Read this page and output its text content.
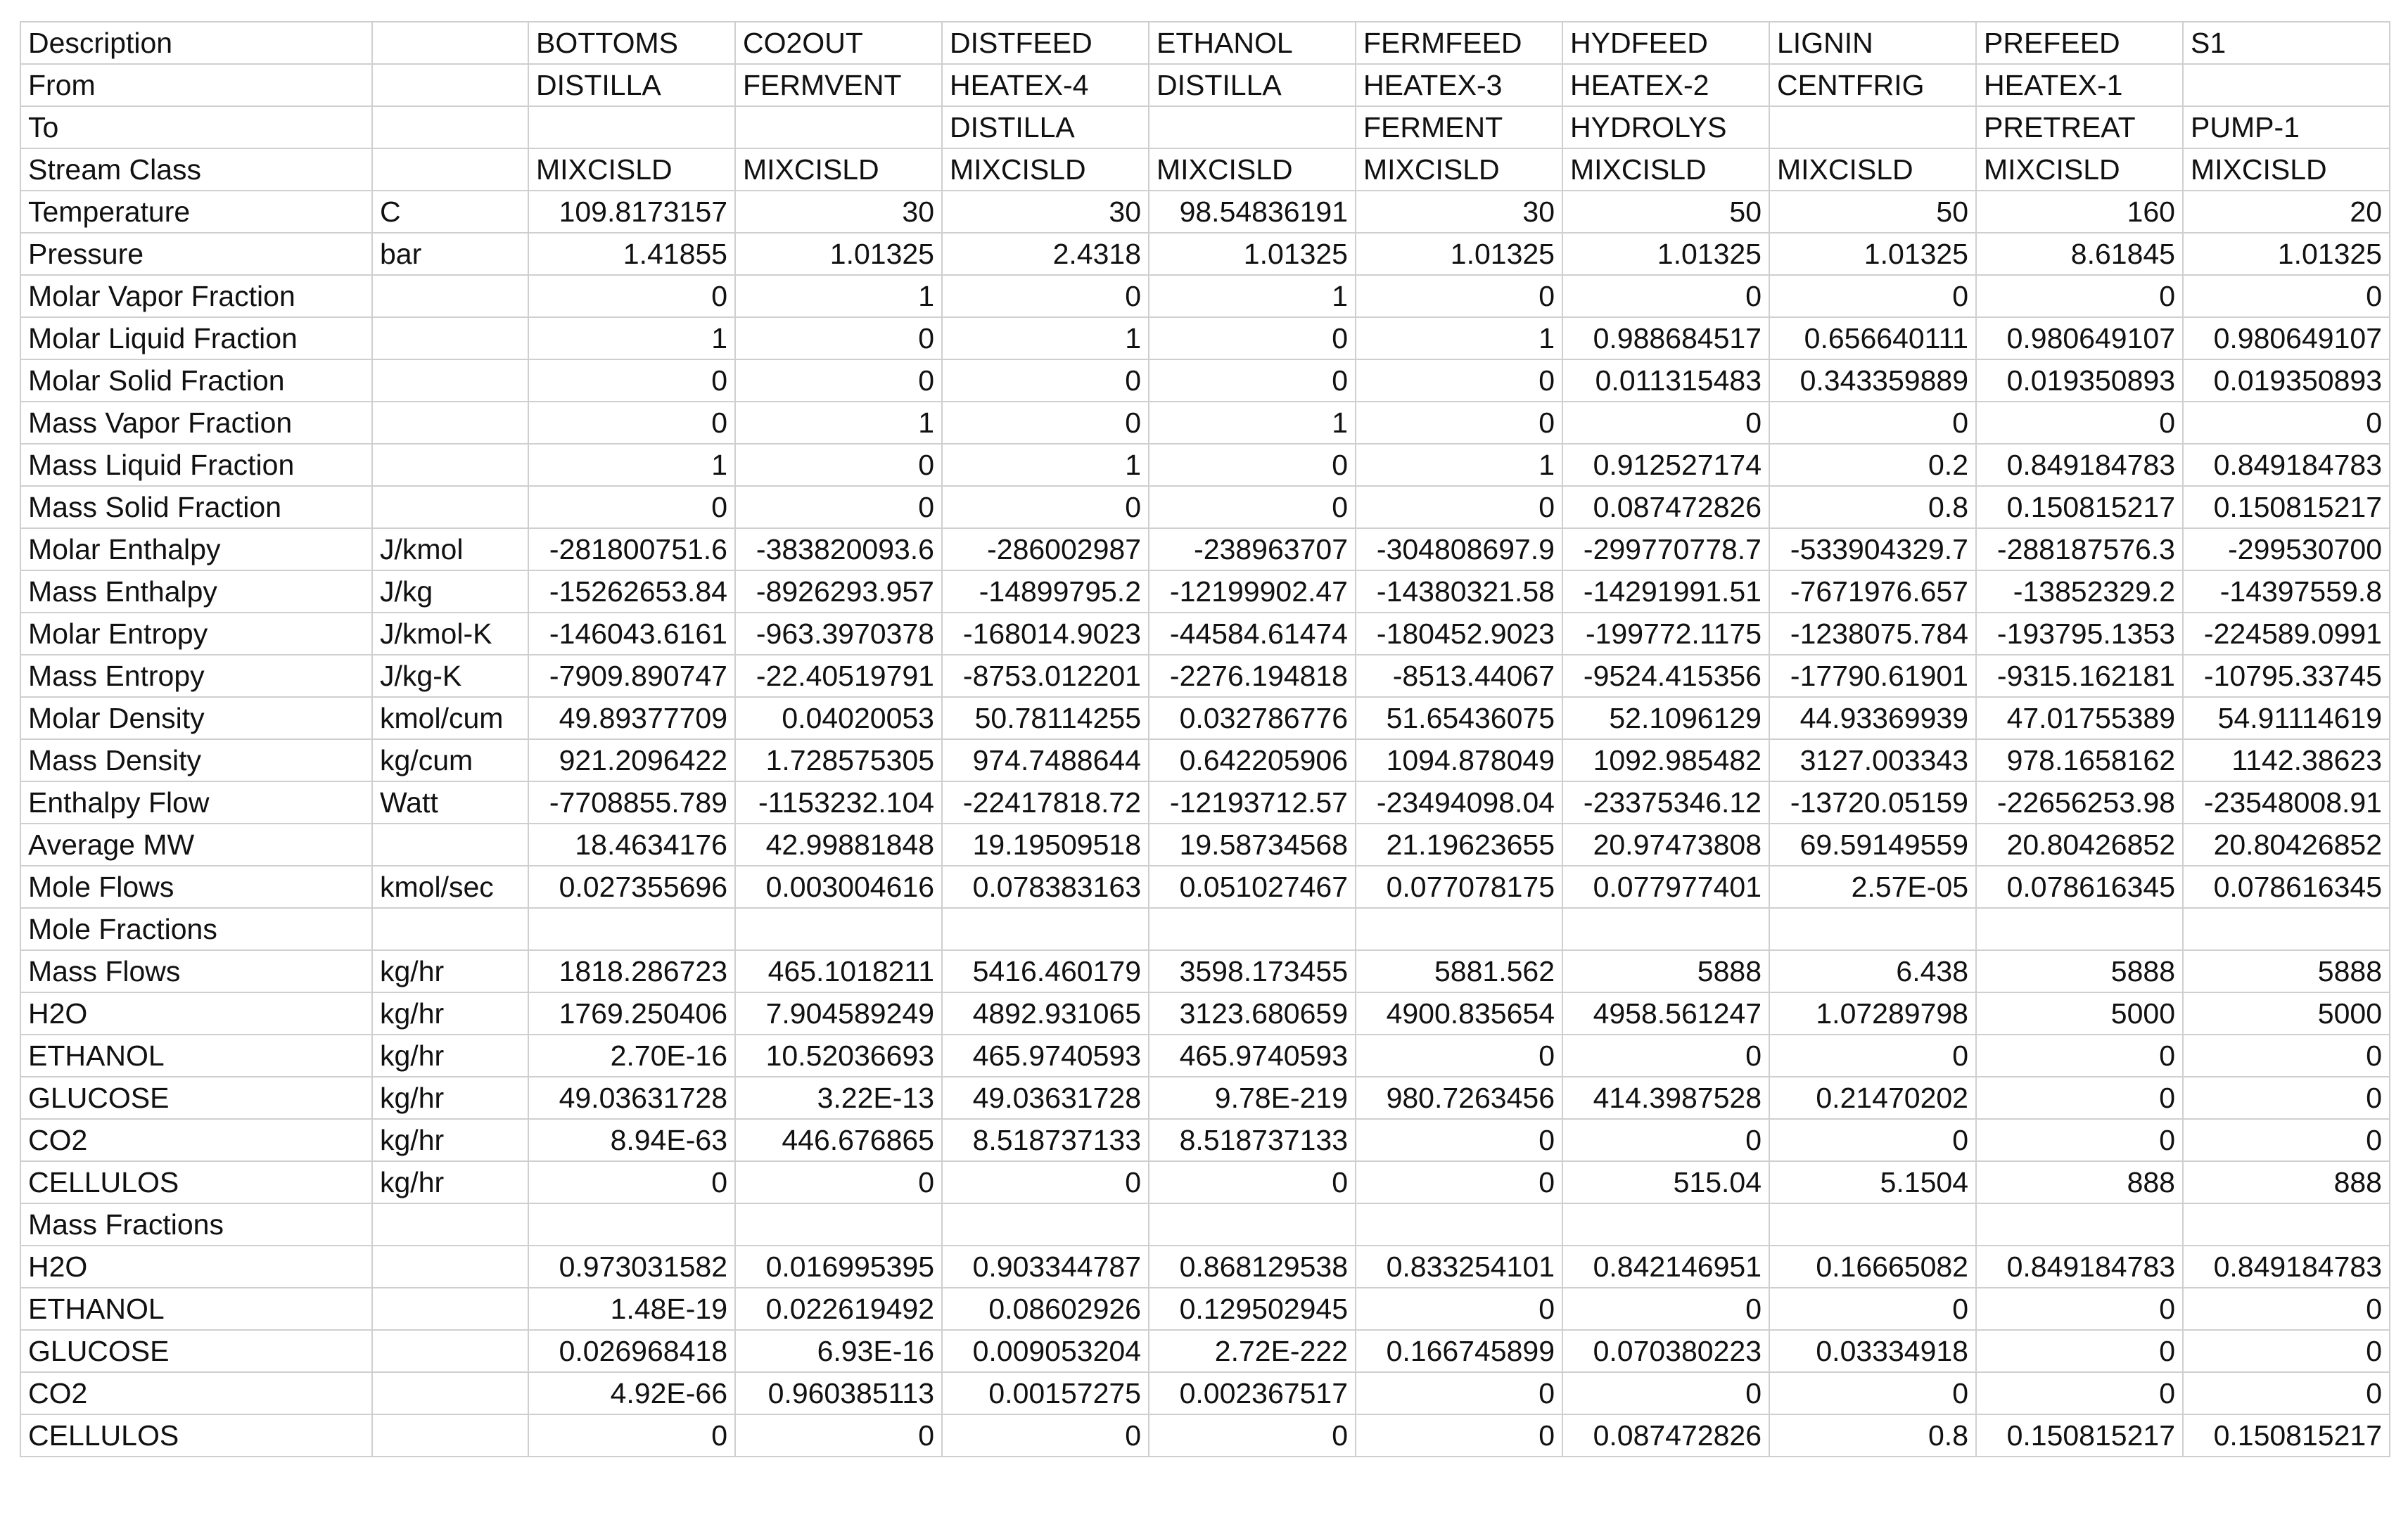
Description		BOTTOMS	CO2OUT	DISTFEED	ETHANOL	FERMFEED	HYDFEED	LIGNIN	PREFEED	S1
From		DISTILLA	FERMVENT	HEATEX-4	DISTILLA	HEATEX-3	HEATEX-2	CENTFRIG	HEATEX-1	
To				DISTILLA		FERMENT	HYDROLYS		PRETREAT	PUMP-1
Stream Class		MIXCISLD	MIXCISLD	MIXCISLD	MIXCISLD	MIXCISLD	MIXCISLD	MIXCISLD	MIXCISLD	MIXCISLD
Temperature	C	109.8173157	30	30	98.54836191	30	50	50	160	20
Pressure	bar	1.41855	1.01325	2.4318	1.01325	1.01325	1.01325	1.01325	8.61845	1.01325
Molar Vapor Fraction		0	1	0	1	0	0	0	0	0
Molar Liquid Fraction		1	0	1	0	1	0.988684517	0.656640111	0.980649107	0.980649107
Molar Solid Fraction		0	0	0	0	0	0.011315483	0.343359889	0.019350893	0.019350893
Mass Vapor Fraction		0	1	0	1	0	0	0	0	0
Mass Liquid Fraction		1	0	1	0	1	0.912527174	0.2	0.849184783	0.849184783
Mass Solid Fraction		0	0	0	0	0	0.087472826	0.8	0.150815217	0.150815217
Molar Enthalpy	J/kmol	-281800751.6	-383820093.6	-286002987	-238963707	-304808697.9	-299770778.7	-533904329.7	-288187576.3	-299530700
Mass Enthalpy	J/kg	-15262653.84	-8926293.957	-14899795.2	-12199902.47	-14380321.58	-14291991.51	-7671976.657	-13852329.2	-14397559.8
Molar Entropy	J/kmol-K	-146043.6161	-963.3970378	-168014.9023	-44584.61474	-180452.9023	-199772.1175	-1238075.784	-193795.1353	-224589.0991
Mass Entropy	J/kg-K	-7909.890747	-22.40519791	-8753.012201	-2276.194818	-8513.44067	-9524.415356	-17790.61901	-9315.162181	-10795.33745
Molar Density	kmol/cum	49.89377709	0.04020053	50.78114255	0.032786776	51.65436075	52.1096129	44.93369939	47.01755389	54.91114619
Mass Density	kg/cum	921.2096422	1.728575305	974.7488644	0.642205906	1094.878049	1092.985482	3127.003343	978.1658162	1142.38623
Enthalpy Flow	Watt	-7708855.789	-1153232.104	-22417818.72	-12193712.57	-23494098.04	-23375346.12	-13720.05159	-22656253.98	-23548008.91
Average MW		18.4634176	42.99881848	19.19509518	19.58734568	21.19623655	20.97473808	69.59149559	20.80426852	20.80426852
Mole Flows	kmol/sec	0.027355696	0.003004616	0.078383163	0.051027467	0.077078175	0.077977401	2.57E-05	0.078616345	0.078616345
Mole Fractions										
Mass Flows	kg/hr	1818.286723	465.1018211	5416.460179	3598.173455	5881.562	5888	6.438	5888	5888
H2O	kg/hr	1769.250406	7.904589249	4892.931065	3123.680659	4900.835654	4958.561247	1.07289798	5000	5000
ETHANOL	kg/hr	2.70E-16	10.52036693	465.9740593	465.9740593	0	0	0	0	0
GLUCOSE	kg/hr	49.03631728	3.22E-13	49.03631728	9.78E-219	980.7263456	414.3987528	0.21470202	0	0
CO2	kg/hr	8.94E-63	446.676865	8.518737133	8.518737133	0	0	0	0	0
CELLULOS	kg/hr	0	0	0	0	0	515.04	5.1504	888	888
Mass Fractions										
H2O		0.973031582	0.016995395	0.903344787	0.868129538	0.833254101	0.842146951	0.16665082	0.849184783	0.849184783
ETHANOL		1.48E-19	0.022619492	0.08602926	0.129502945	0	0	0	0	0
GLUCOSE		0.026968418	6.93E-16	0.009053204	2.72E-222	0.166745899	0.070380223	0.03334918	0	0
CO2		4.92E-66	0.960385113	0.00157275	0.002367517	0	0	0	0	0
CELLULOS		0	0	0	0	0	0.087472826	0.8	0.150815217	0.150815217
